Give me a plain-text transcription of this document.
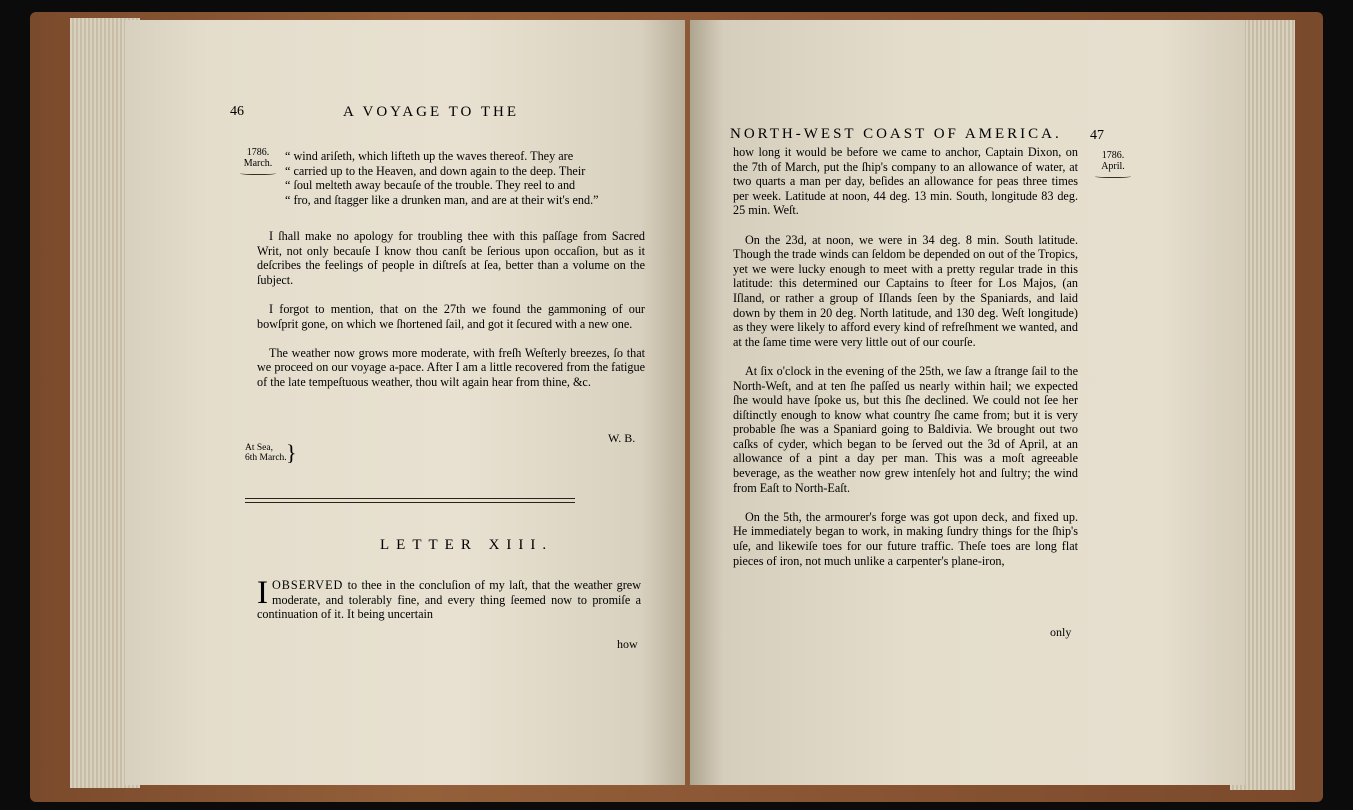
46	A VOYAGE TO THE
1786.
March.
“ wind ariſeth, which lifteth up the waves thereof. They are
“ carried up to the Heaven, and down again to the deep. Their
“ ſoul melteth away becauſe of the trouble. They reel to and
“ fro, and ſtagger like a drunken man, and are at their wit's end.”

I ſhall make no apology for troubling thee with this paſſage from Sacred Writ, not only becauſe I know thou canſt be ſerious upon occaſion, but as it deſcribes the feelings of people in diſtreſs at ſea, better than a volume on the ſubject.

I forgot to mention, that on the 27th we found the gammoning of our bowſprit gone, on which we ſhortened ſail, and got it ſecured with a new one.

The weather now grows more moderate, with freſh Weſterly breezes, ſo that we proceed on our voyage a-pace. After I am a little recovered from the fatigue of the late tempeſtuous weather, thou wilt again hear from thine, &c.

W. B.
At Sea,
6th March. }
LETTER XIII.
I OBSERVED to thee in the concluſion of my laſt, that the weather grew moderate, and tolerably fine, and every thing ſeemed now to promiſe a continuation of it. It being uncertain
how
NORTH-WEST COAST OF AMERICA. 47
1786.
April.

how long it would be before we came to anchor, Captain Dixon, on the 7th of March, put the ſhip's company to an allowance of water, at two quarts a man per day, beſides an allowance for peas three times per week. Latitude at noon, 44 deg. 13 min. South, longitude 83 deg. 25 min. Weſt.

On the 23d, at noon, we were in 34 deg. 8 min. South latitude. Though the trade winds can ſeldom be depended on out of the Tropics, yet we were lucky enough to meet with a pretty regular trade in this latitude: this determined our Captains to ſteer for Los Majos, (an Iſland, or rather a group of Iſlands ſeen by the Spaniards, and laid down by them in 20 deg. North latitude, and 130 deg. Weſt longitude) as they were likely to afford every kind of refreſhment we wanted, and at the ſame time were very little out of our courſe.

At ſix o'clock in the evening of the 25th, we ſaw a ſtrange ſail to the North-Weſt, and at ten ſhe paſſed us nearly within hail; we expected ſhe would have ſpoke us, but this ſhe declined. We could not ſee her diſtinctly enough to know what country ſhe came from; but it is very probable ſhe was a Spaniard going to Baldivia. We brought out two caſks of cyder, which began to be ſerved out the 3d of April, at an allowance of a pint a day per man. This was a moſt agreeable beverage, as the weather now grew intenſely hot and ſultry; the wind from Eaſt to North-Eaſt.

On the 5th, the armourer's forge was got upon deck, and fixed up. He immediately began to work, in making ſundry things for the ſhip's uſe, and likewiſe toes for our future traffic. Theſe toes are long flat pieces of iron, not much unlike a carpenter's plane-iron,

only
